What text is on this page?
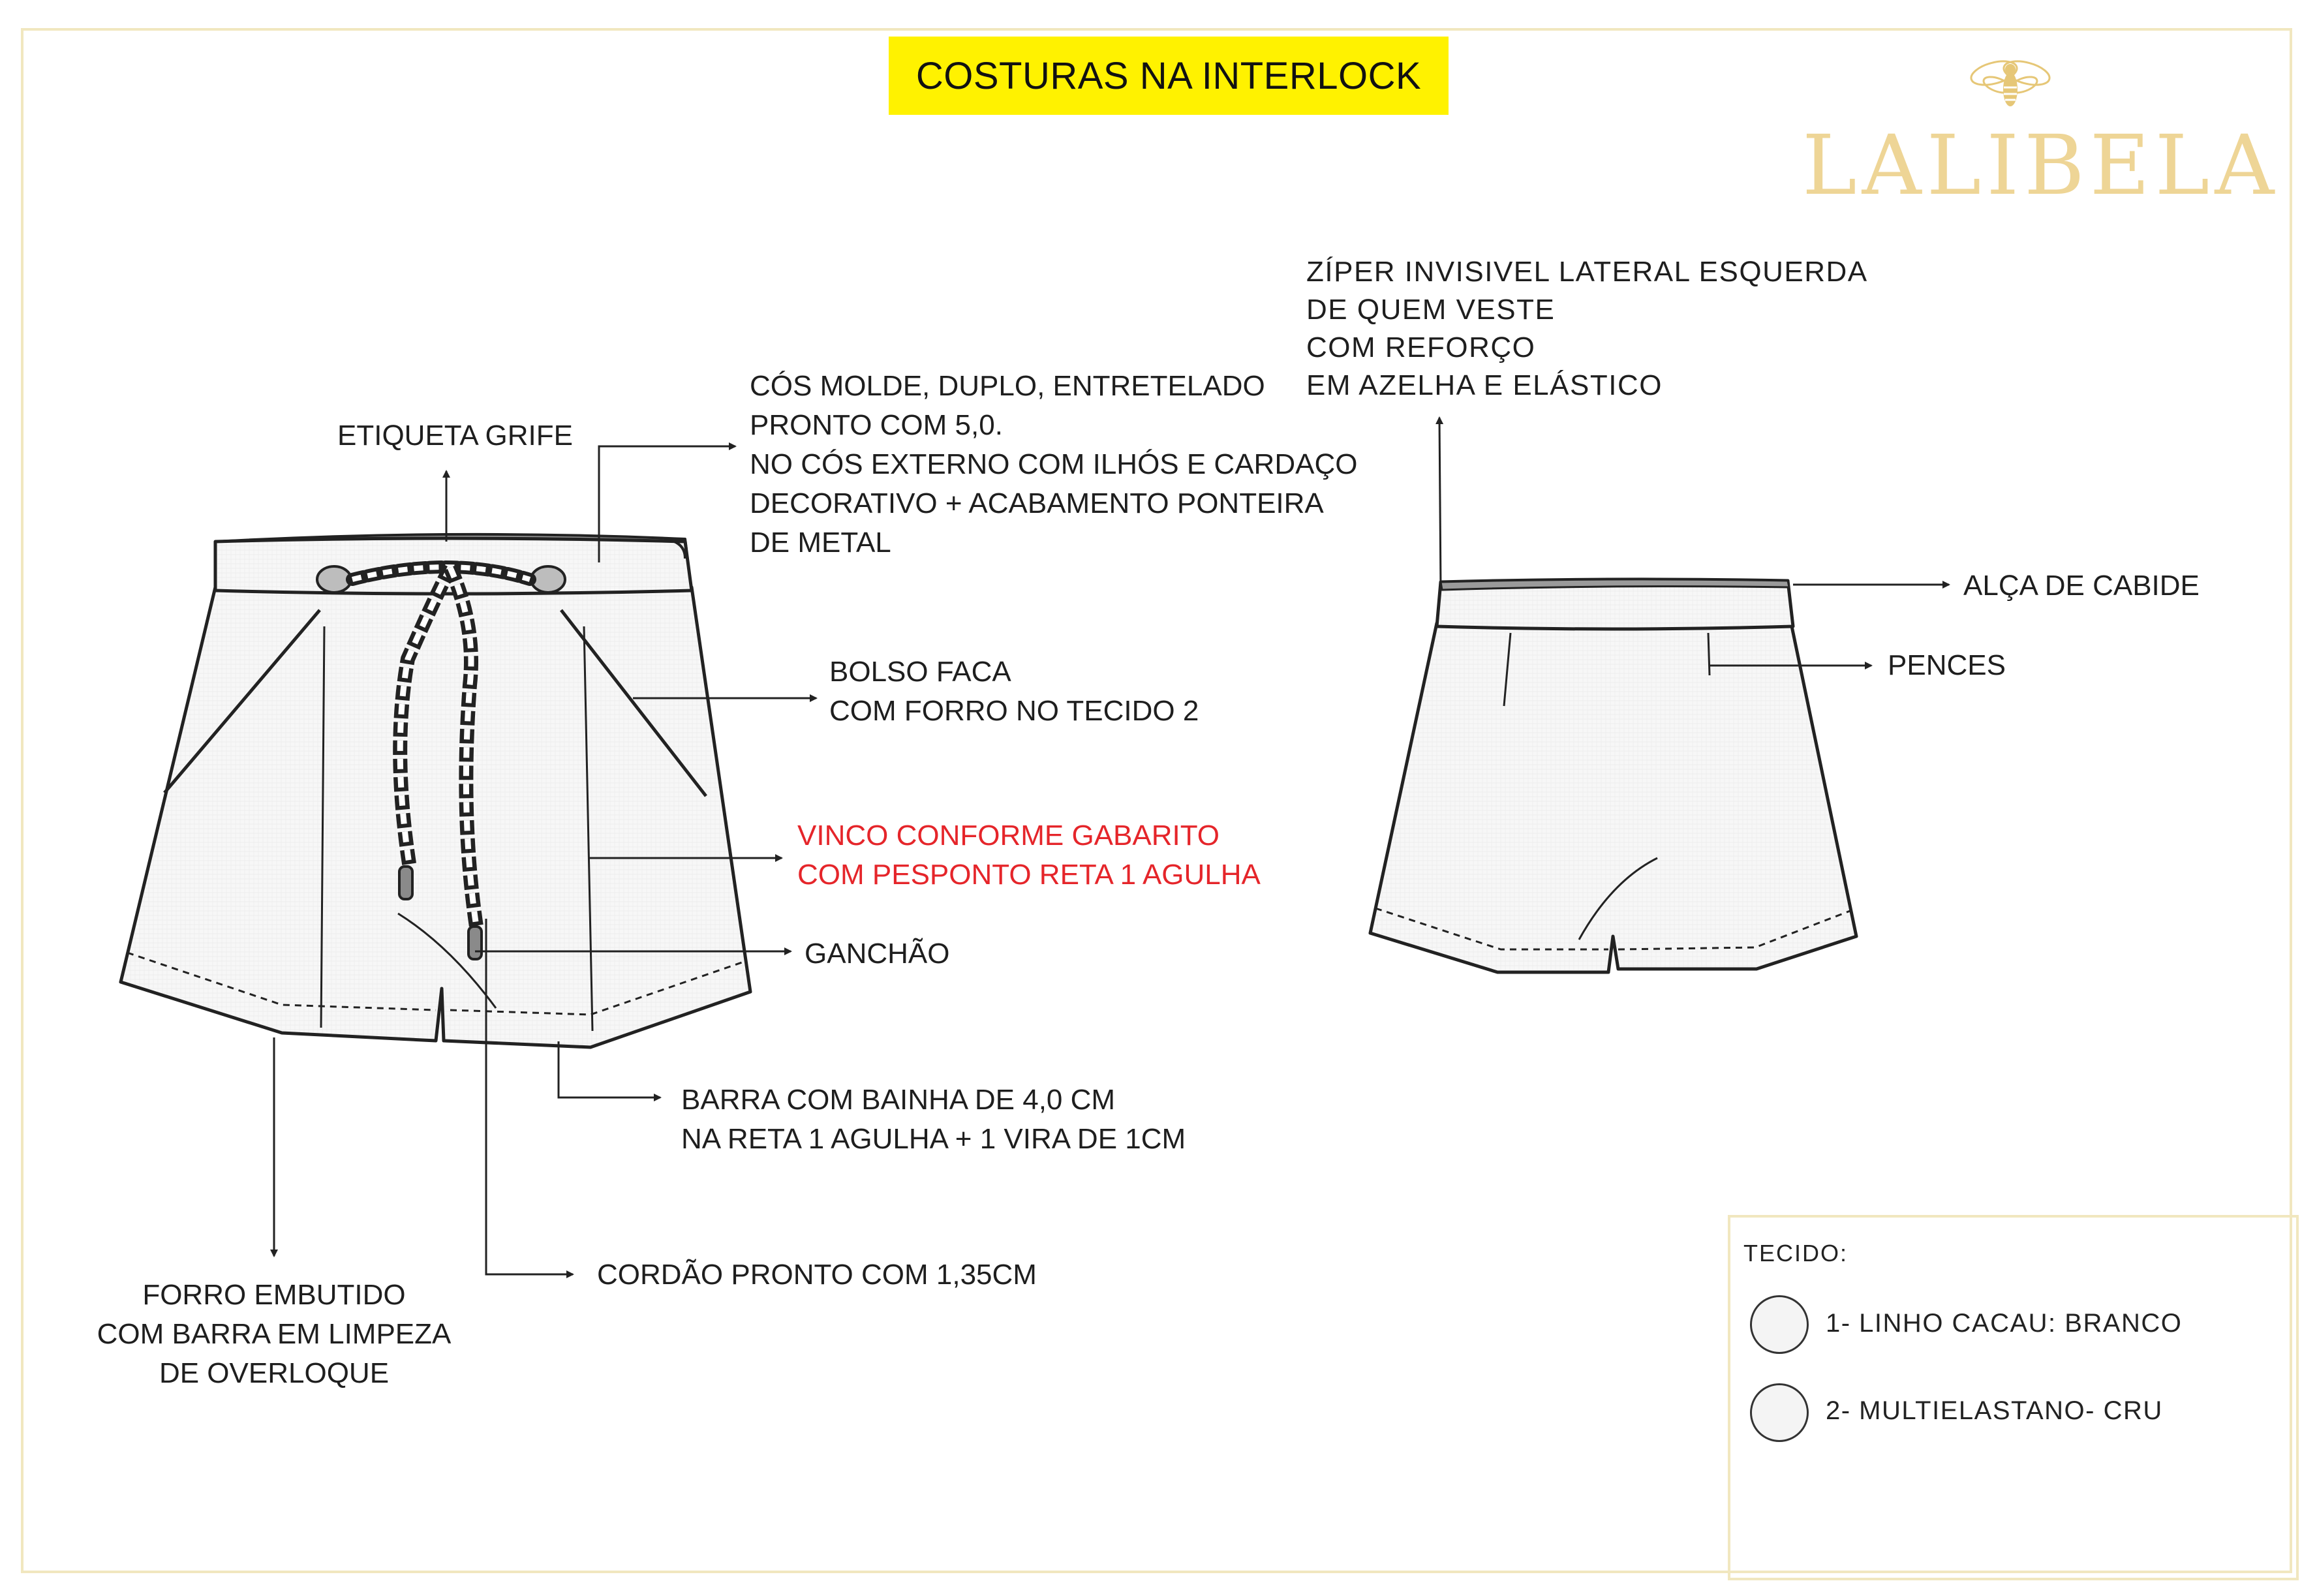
COSTURAS NA INTERLOCK
LALIBELA
ETIQUETA GRIFE
CÓS MOLDE, DUPLO, ENTRETELADO
PRONTO COM 5,0.
NO CÓS EXTERNO COM ILHÓS E CARDAÇO
DECORATIVO + ACABAMENTO PONTEIRA
DE METAL
BOLSO FACA
COM FORRO NO TECIDO 2
VINCO CONFORME GABARITO
COM PESPONTO RETA 1 AGULHA
GANCHÃO
BARRA COM BAINHA DE 4,0 CM
NA RETA 1 AGULHA + 1 VIRA DE 1CM
CORDÃO PRONTO COM 1,35CM
FORRO EMBUTIDO
COM BARRA EM LIMPEZA
DE OVERLOQUE
ZÍPER INVISIVEL LATERAL ESQUERDA
DE QUEM VESTE
COM REFORÇO
EM AZELHA E ELÁSTICO
ALÇA DE CABIDE
PENCES
TECIDO:
1- LINHO CACAU: BRANCO
2- MULTIELASTANO- CRU
